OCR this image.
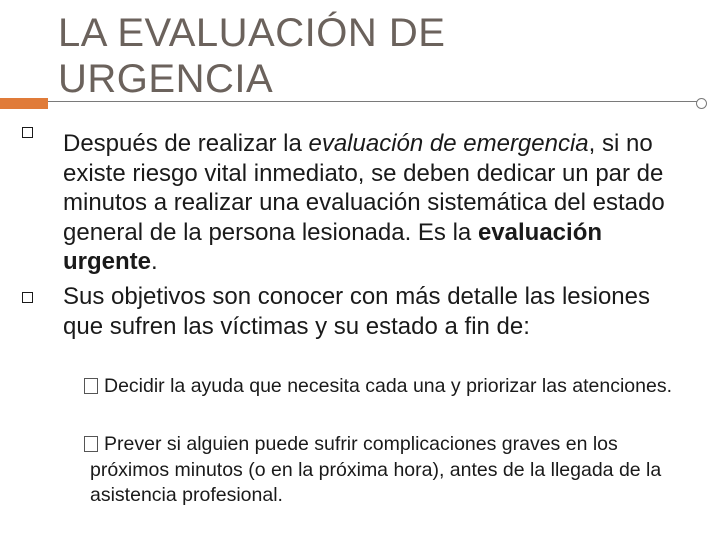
LA EVALUACIÓN DE
URGENCIA
Después de realizar la evaluación de emergencia, si no existe riesgo vital inmediato, se deben dedicar un par de minutos a realizar una evaluación sistemática del estado general de la persona lesionada. Es la evaluación urgente.
Sus objetivos son conocer con más detalle las lesiones que sufren las víctimas y su estado a fin de:
Decidir la ayuda que necesita cada una y priorizar las atenciones.
Prever si alguien puede sufrir complicaciones graves en los próximos minutos (o en la próxima hora), antes de la llegada de la asistencia profesional.
